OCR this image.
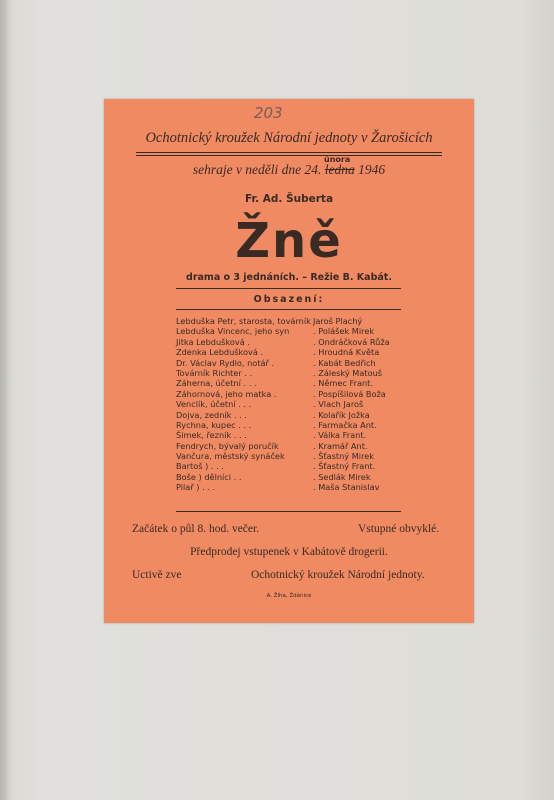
203
Ochotnický kroužek Národní jednoty v Žarošicích
února
sehraje v neděli dne 24. ledna 1946
Fr. Ad. Šuberta
Žně
drama o 3 jednáních. – Režie B. Kabát.
Obsazení:
Lebduška Petr, starosta, továrník Jaroš Plachý
Lebduška Vincenc, jeho syn	. Polášek Mirek
Jitka Lebdušková .	. Ondráčková Růža
Zdenka Lebdušková .	. Hroudná Květa
Dr. Václav Rydlo, notář .	. Kabát Bedřich
Továrník Richter . .	. Záleský Matouš
Záherna, účetní . . .	. Němec Frant.
Záhornová, jeho matka .	. Pospíšilová Boža
Venclík, účetní . . .	. Vlach Jaroš
Dojva, zedník . . .	. Kolařík Jožka
Rychna, kupec . . .	. Farmačka Ant.
Šimek, řezník . . .	. Válka Frant.
Fendrych, bývalý poručík	. Kramář Ant.
Vančura, městský synáček	. Šťastný Mirek
Bartoš ) . . .	. Šťastný Frant.
Boše ) dělníci . .	. Sedlák Mirek
Pilař ) . . .	. Maša Stanislav
Začátek o půl 8. hod. večer.	Vstupné obvyklé.
Předprodej vstupenek v Kabátově drogerii.
Uctivě zve	Ochotnický kroužek Národní jednoty.
A. Žíha, Ždánice
